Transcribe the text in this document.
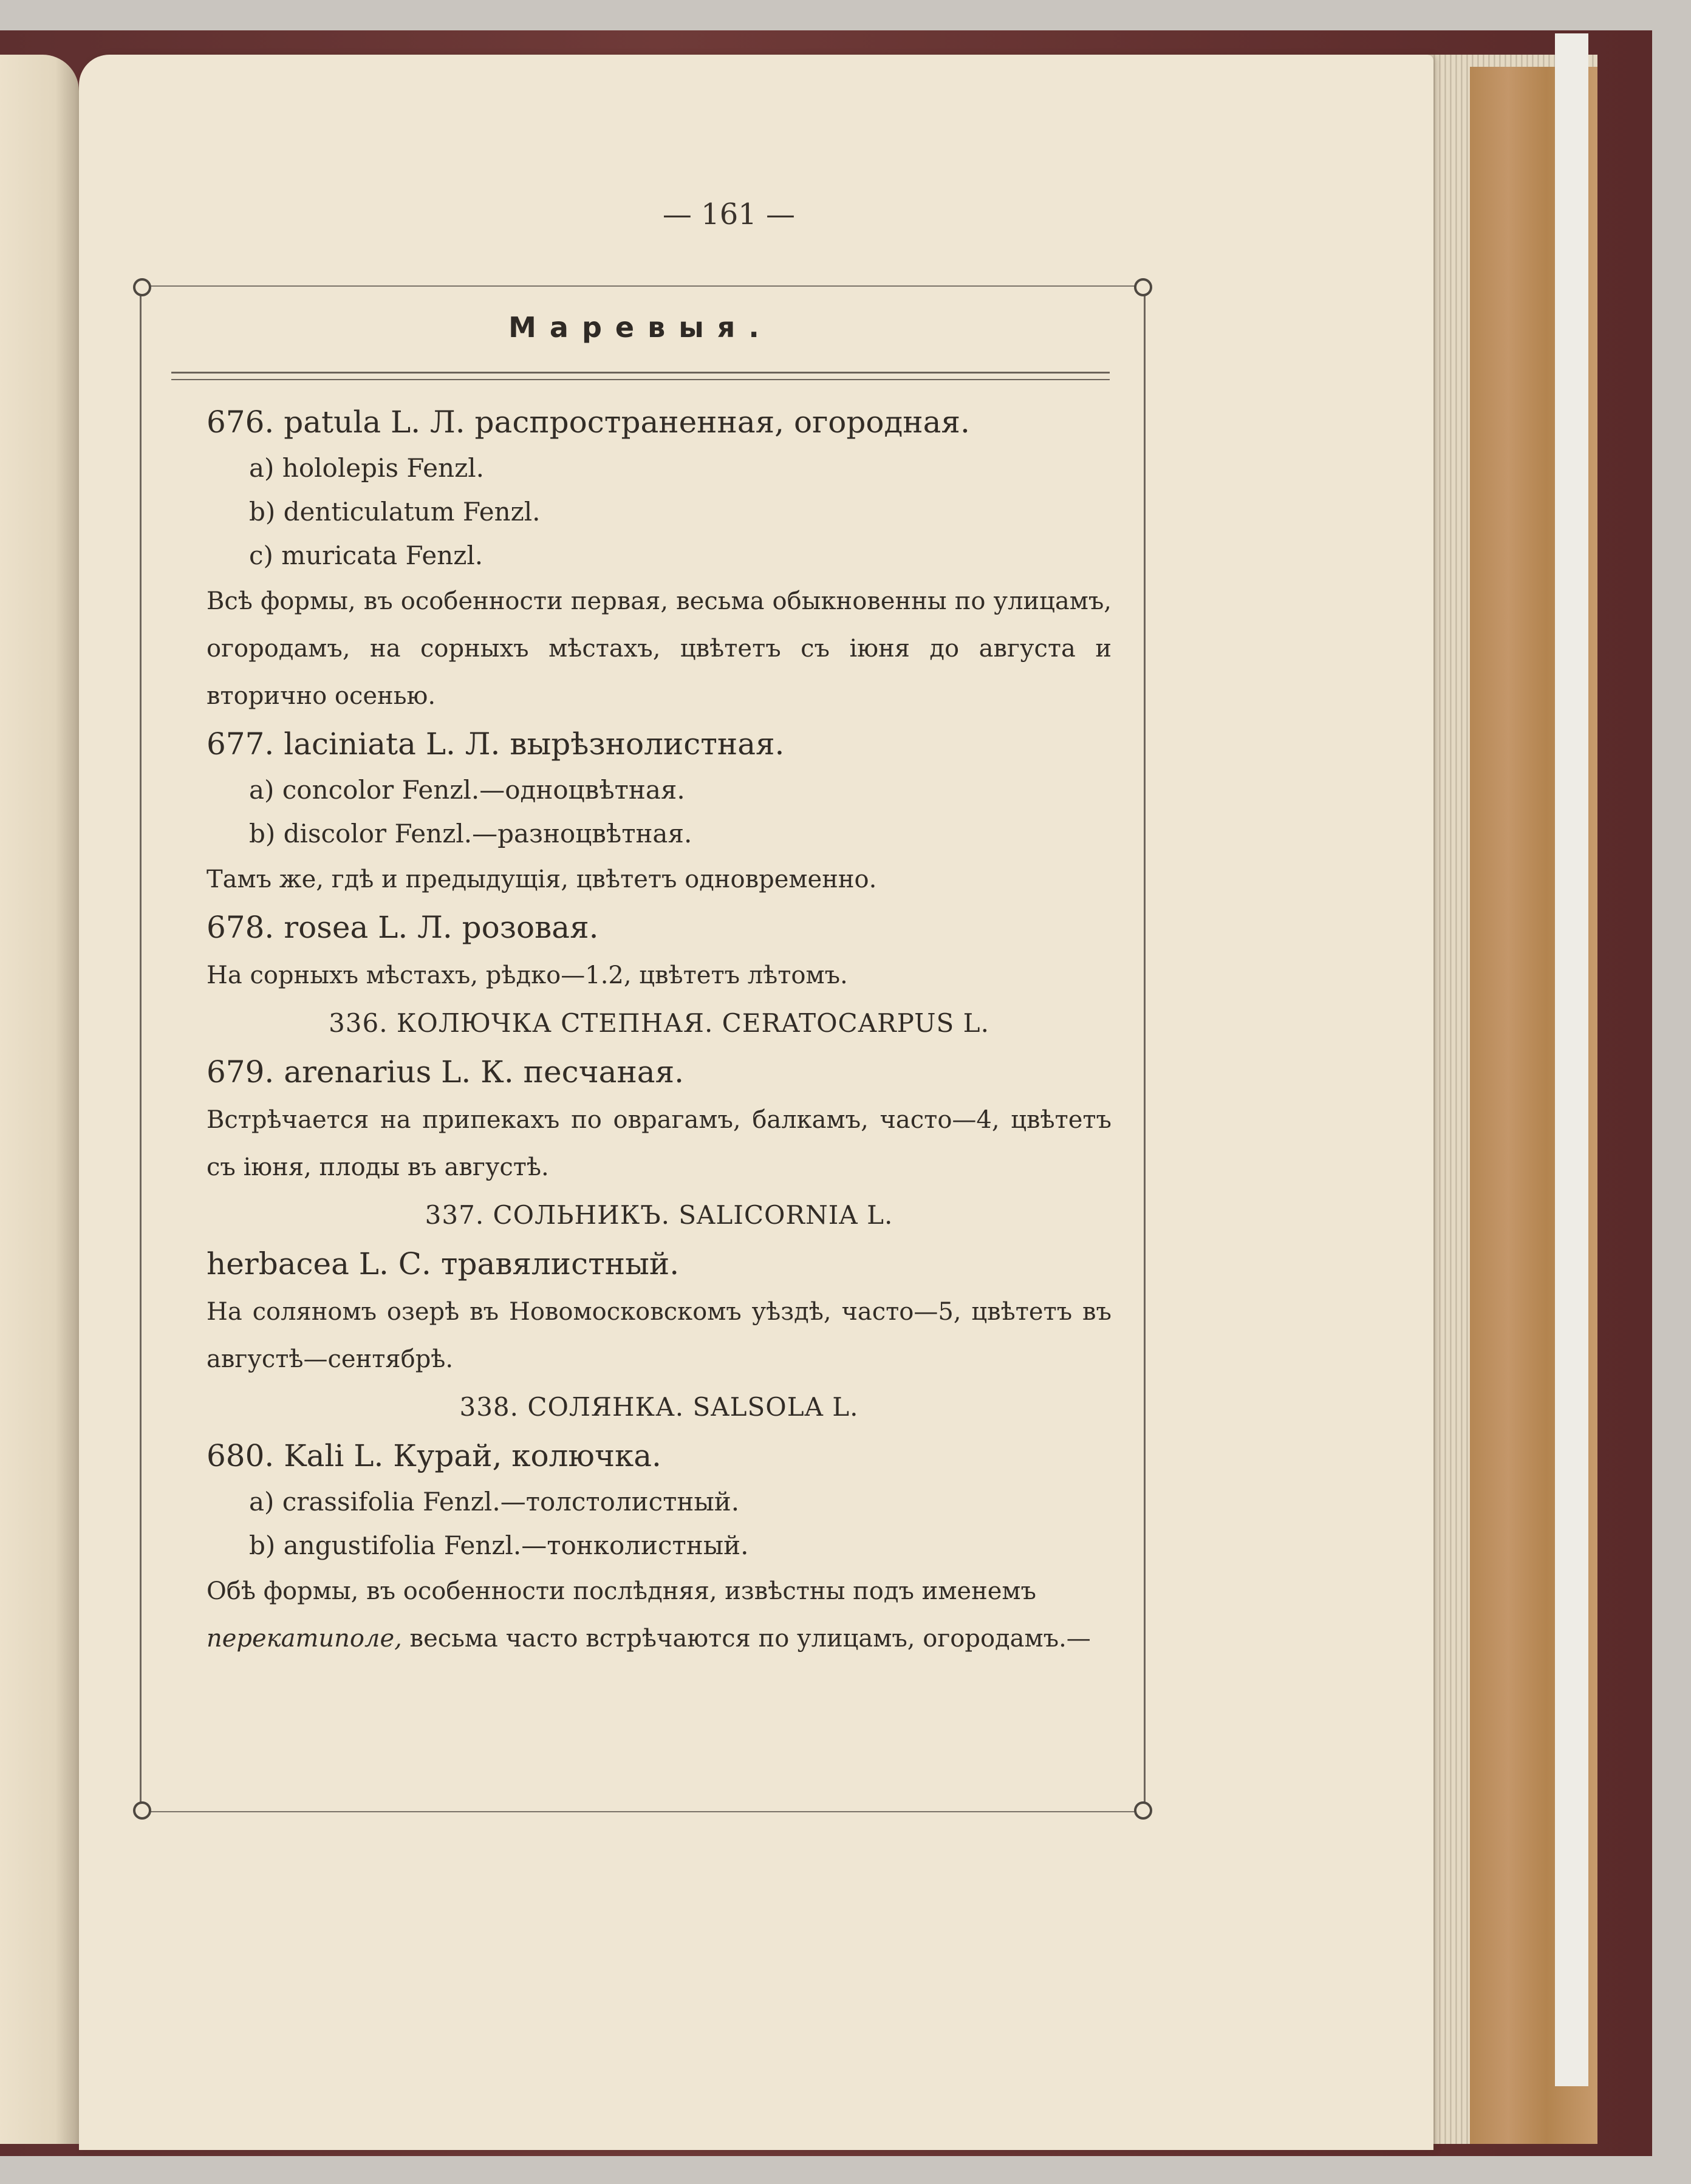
— 161 —
Маревыя.

676. patula L. Л. распространенная, огородная.

a) hololepis Fenzl.

b) denticulatum Fenzl.

c) muricata Fenzl.

Всѣ формы, въ особенности первая, весьма обыкновенны по улицамъ, огородамъ, на сорныхъ мѣстахъ, цвѣтетъ съ іюня до августа и вторично осенью.

677. laciniata L. Л. вырѣзнолистная.

a) concolor Fenzl.—одноцвѣтная.

b) discolor Fenzl.—разноцвѣтная.

Тамъ же, гдѣ и предыдущія, цвѣтетъ одновременно.

678. rosea L. Л. розовая.

На сорныхъ мѣстахъ, рѣдко—1.2, цвѣтетъ лѣтомъ.

336. КОЛЮЧКА СТЕПНАЯ. CERATOCARPUS L.

679. arenarius L. К. песчаная.

Встрѣчается на припекахъ по оврагамъ, балкамъ, часто—4, цвѣтетъ съ іюня, плоды въ августѣ.

337. СОЛЬНИКЪ. SALICORNIA L.

herbacea L. С. травялистный.

На соляномъ озерѣ въ Новомосковскомъ уѣздѣ, часто—5, цвѣтетъ въ августѣ—сентябрѣ.

338. СОЛЯНКА. SALSOLA L.

680. Kali L. Курай, колючка.

a) crassifolia Fenzl.—толстолистный.

b) angustifolia Fenzl.—тонколистный.

Обѣ формы, въ особенности послѣдняя, извѣстны подъ именемъ

перекатиполе, весьма часто встрѣчаются по улицамъ, огородамъ.—
